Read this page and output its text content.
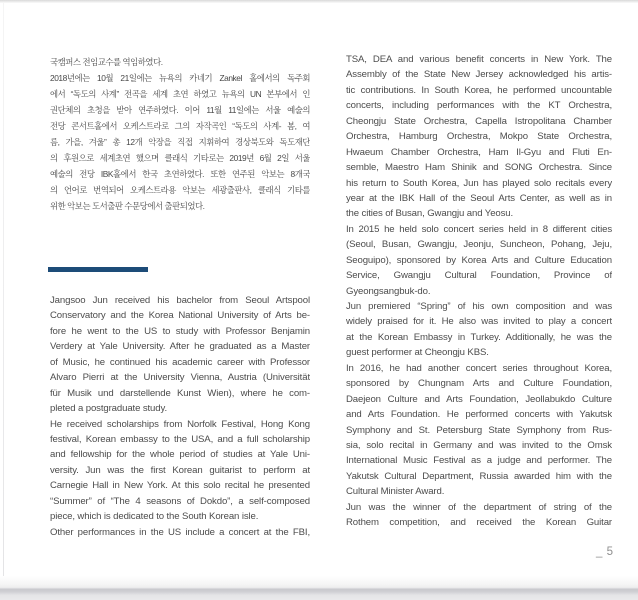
국캠퍼스 전임교수를 역임하였다.
2018년에는 10월 21일에는 뉴욕의 카네기 Zankel 홀에서의 독주회
에서 “독도의 사계” 전곡을 세계 초연 하였고 뉴욕의 UN 본부에서 인
권단체의 초청을 받아 연주하였다. 이어 11월 11일에는 서울 예술의
전당 콘서트홀에서 오케스트라로 그의 자작곡인 “독도의 사계- 봄, 여
름, 가을, 겨울” 총 12개 악장을 직접 지휘하여 경상북도와 독도재단
의 후원으로 세계초연 했으며 클래식 기타로는 2019년 6월 2일 서울
예술의 전당 IBK홀에서 한국 초연하였다. 또한 연주된 악보는 8개국
의 언어로 번역되어 오케스트라용 악보는 세광출판사, 클래식 기타를
위한 악보는 도서출판 수문당에서 출판되었다.
Jangsoo Jun received his bachelor from Seoul Artspool
Conservatory and the Korea National University of Arts be-
fore he went to the US to study with Professor Benjamin
Verdery at Yale University. After he graduated as a Master
of Music, he continued his academic career with Professor
Alvaro Pierri at the University Vienna, Austria (Universität
für Musik und darstellende Kunst Wien), where he com-
pleted a postgraduate study.
He received scholarships from Norfolk Festival, Hong Kong
festival, Korean embassy to the USA, and a full scholarship
and fellowship for the whole period of studies at Yale Uni-
versity. Jun was the first Korean guitarist to perform at
Carnegie Hall in New York. At this solo recital he presented
“Summer” of “The 4 seasons of Dokdo”, a self-composed
piece, which is dedicated to the South Korean isle.
Other performances in the US include a concert at the FBI,
TSA, DEA and various benefit concerts in New York. The
Assembly of the State New Jersey acknowledged his artis-
tic contributions. In South Korea, he performed uncountable
concerts, including performances with the KT Orchestra,
Cheongju State Orchestra, Capella Istropolitana Chamber
Orchestra, Hamburg Orchestra, Mokpo State Orchestra,
Hwaeum Chamber Orchestra, Ham Il-Gyu and Fluti En-
semble, Maestro Ham Shinik and SONG Orchestra. Since
his return to South Korea, Jun has played solo recitals every
year at the IBK Hall of the Seoul Arts Center, as well as in
the cities of Busan, Gwangju and Yeosu.
In 2015 he held solo concert series held in 8 different cities
(Seoul, Busan, Gwangju, Jeonju, Suncheon, Pohang, Jeju,
Seoguipo), sponsored by Korea Arts and Culture Education
Service, Gwangju Cultural Foundation, Province of
Gyeongsangbuk-do.
Jun premiered “Spring” of his own composition and was
widely praised for it. He also was invited to play a concert
at the Korean Embassy in Turkey. Additionally, he was the
guest performer at Cheongju KBS.
In 2016, he had another concert series throughout Korea,
sponsored by Chungnam Arts and Culture Foundation,
Daejeon Culture and Arts Foundation, Jeollabukdo Culture
and Arts Foundation. He performed concerts with Yakutsk
Symphony and St. Petersburg State Symphony from Rus-
sia, solo recital in Germany and was invited to the Omsk
International Music Festival as a judge and performer. The
Yakutsk Cultural Department, Russia awarded him with the
Cultural Minister Award.
Jun was the winner of the department of string of the
Rothem competition, and received the Korean Guitar
_ 5
